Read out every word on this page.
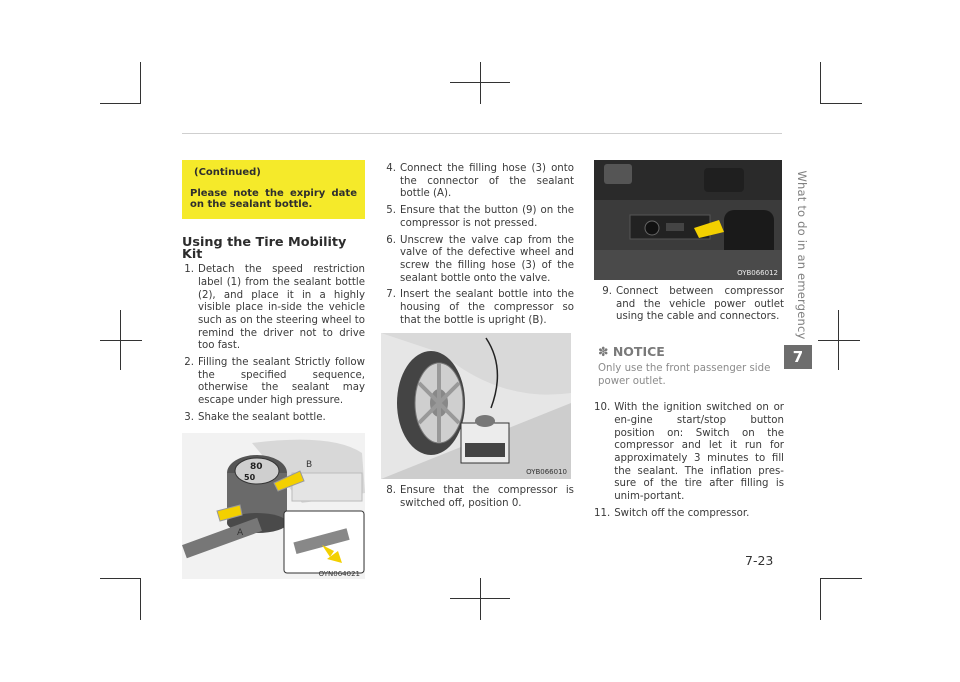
What to do in an emergency
7
(Continued)
Please note the expiry date on the sealant bottle.
Using the Tire Mobility Kit
1. Detach the speed restriction label (1) from the sealant bottle (2), and place it in a highly visible place in-side the vehicle such as on the steering wheel to remind the driver not to drive too fast.
2. Filling the sealant Strictly follow the specified sequence, otherwise the sealant may escape under high pressure.
3. Shake the sealant bottle.
80
50
B
A
OYN064021
4. Connect the filling hose (3) onto the connector of the sealant bottle (A).
5. Ensure that the button (9) on the compressor is not pressed.
6. Unscrew the valve cap from the valve of the defective wheel and screw the filling hose (3) of the sealant bottle onto the valve.
7. Insert the sealant bottle into the housing of the compressor so that the bottle is upright (B).
OYB066010
8. Ensure that the compressor is switched off, position 0.
OYB066012
9. Connect between compressor and the vehicle power outlet using the cable and connectors.
✽ NOTICE
Only use the front passenger side power outlet.
10. With the ignition switched on or en-gine start/stop button position on: Switch on the compressor and let it run for approximately 3 minutes to fill the sealant. The inflation pres-sure of the tire after filling is unim-portant.
11. Switch off the compressor.
7-23
